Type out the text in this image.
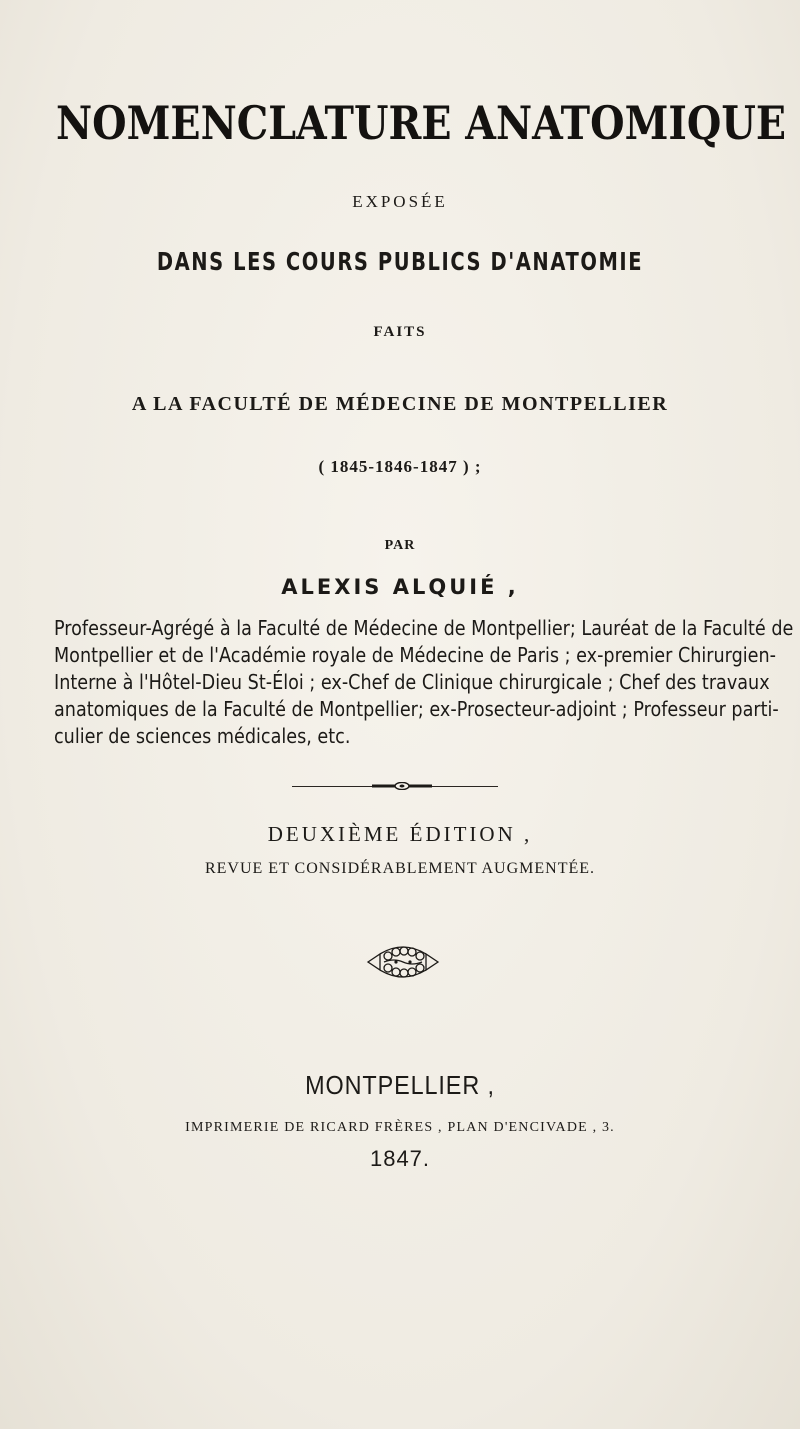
NOMENCLATURE ANATOMIQUE
EXPOSÉE
DANS LES COURS PUBLICS D'ANATOMIE
FAITS
A LA FACULTÉ DE MÉDECINE DE MONTPELLIER
( 1845-1846-1847 ) ;
PAR
ALEXIS ALQUIÉ ,
Professeur-Agrégé à la Faculté de Médecine de Montpellier; Lauréat de la Faculté de
Montpellier et de l'Académie royale de Médecine de Paris ; ex-premier Chirurgien-
Interne à l'Hôtel-Dieu St-Éloi ; ex-Chef de Clinique chirurgicale ; Chef des travaux
anatomiques de la Faculté de Montpellier; ex-Prosecteur-adjoint ; Professeur parti-
culier de sciences médicales, etc.
DEUXIÈME ÉDITION ,
REVUE ET CONSIDÉRABLEMENT AUGMENTÉE.
MONTPELLIER ,
IMPRIMERIE DE RICARD FRÈRES , PLAN D'ENCIVADE , 3.
1847.
